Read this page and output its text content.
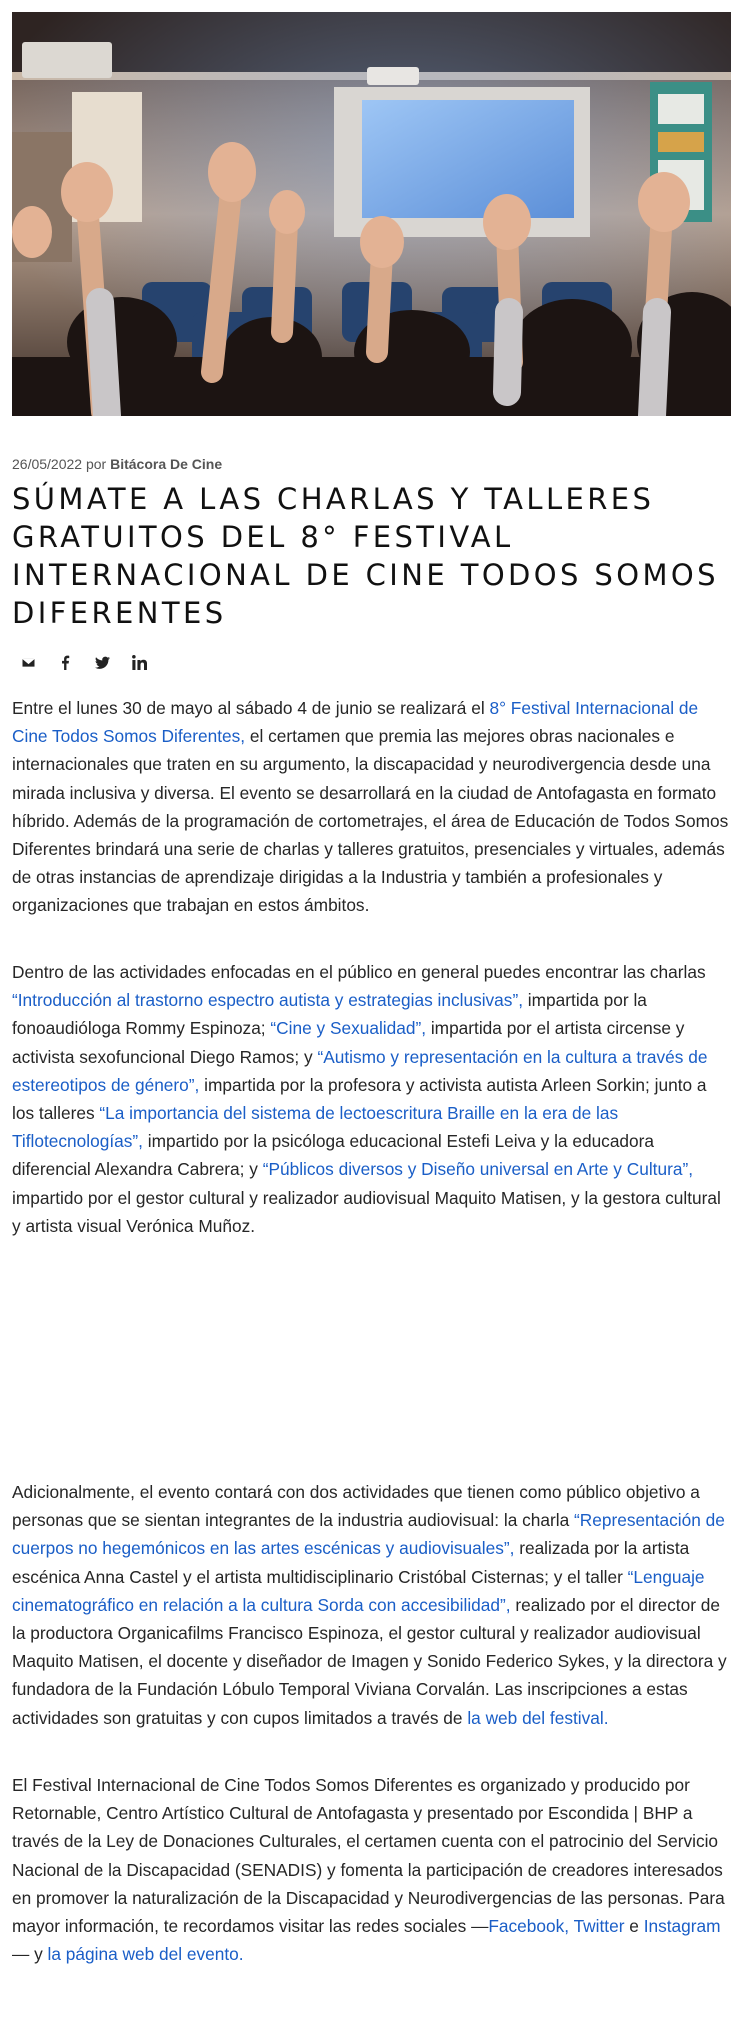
26/05/2022 por Bitácora De Cine
SÚMATE A LAS CHARLAS Y TALLERES GRATUITOS DEL 8° FESTIVAL INTERNACIONAL DE CINE TODOS SOMOS DIFERENTES

Entre el lunes 30 de mayo al sábado 4 de junio se realizará el 8° Festival Internacional de Cine Todos Somos Diferentes, el certamen que premia las mejores obras nacionales e internacionales que traten en su argumento, la discapacidad y neurodivergencia desde una mirada inclusiva y diversa. El evento se desarrollará en la ciudad de Antofagasta en formato híbrido. Además de la programación de cortometrajes, el área de Educación de Todos Somos Diferentes brindará una serie de charlas y talleres gratuitos, presenciales y virtuales, además de otras instancias de aprendizaje dirigidas a la Industria y también a profesionales y organizaciones que trabajan en estos ámbitos.

Dentro de las actividades enfocadas en el público en general puedes encontrar las charlas “Introducción al trastorno espectro autista y estrategias inclusivas”, impartida por la fonoaudióloga Rommy Espinoza; “Cine y Sexualidad”, impartida por el artista circense y activista sexofuncional Diego Ramos; y “Autismo y representación en la cultura a través de estereotipos de género”, impartida por la profesora y activista autista Arleen Sorkin; junto a los talleres “La importancia del sistema de lectoescritura Braille en la era de las Tiflotecnologías”, impartido por la psicóloga educacional Estefi Leiva y la educadora diferencial Alexandra Cabrera; y “Públicos diversos y Diseño universal en Arte y Cultura”, impartido por el gestor cultural y realizador audiovisual Maquito Matisen, y la gestora cultural y artista visual Verónica Muñoz.

Adicionalmente, el evento contará con dos actividades que tienen como público objetivo a personas que se sientan integrantes de la industria audiovisual: la charla “Representación de cuerpos no hegemónicos en las artes escénicas y audiovisuales”, realizada por la artista escénica Anna Castel y el artista multidisciplinario Cristóbal Cisternas; y el taller “Lenguaje cinematográfico en relación a la cultura Sorda con accesibilidad”, realizado por el director de la productora Organicafilms Francisco Espinoza, el gestor cultural y realizador audiovisual Maquito Matisen, el docente y diseñador de Imagen y Sonido Federico Sykes, y la directora y fundadora de la Fundación Lóbulo Temporal Viviana Corvalán. Las inscripciones a estas actividades son gratuitas y con cupos limitados a través de la web del festival.

El Festival Internacional de Cine Todos Somos Diferentes es organizado y producido por Retornable, Centro Artístico Cultural de Antofagasta y presentado por Escondida | BHP a través de la Ley de Donaciones Culturales, el certamen cuenta con el patrocinio del Servicio Nacional de la Discapacidad (SENADIS) y fomenta la participación de creadores interesados en promover la naturalización de la Discapacidad y Neurodivergencias de las personas. Para mayor información, te recordamos visitar las redes sociales —Facebook, Twitter e Instagram— y la página web del evento.
